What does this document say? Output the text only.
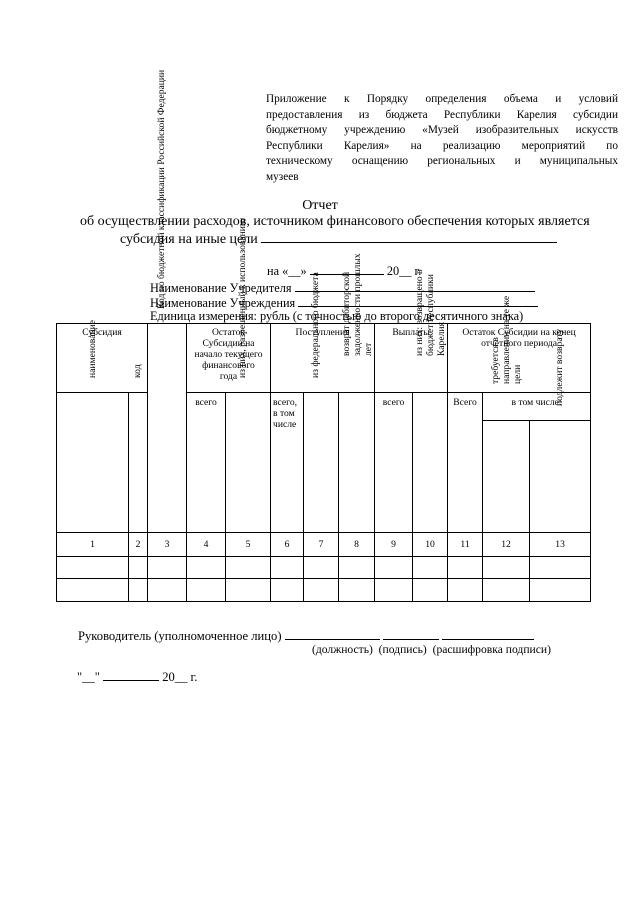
Приложение к Порядку определения объема и условий
предоставления из бюджета Республики Карелия субсидии
бюджетному учреждению «Музей изобразительных искусств
Республики Карелия» на реализацию мероприятий по
техническому оснащению региональных и муниципальных
музеев
Отчет
об осуществлении расходов, источником финансового обеспечения которых является
субсидия на иные цели
на «__»	20__ г.
Наименование Учредителя
Наименование Учреждения
Единица измерения: рубль (с точностью до второго десятичного знака)
Субсидия		Код по бюджетной классификации Российской Федерации	Остаток Субсидии на начало текущего финансового года		Поступления			Выплаты		Остаток Субсидии на конец отчетного периода		

наименование	код		всего	из них, разрешенный к использованию	всего, в том числе	из федерального бюджета	возврат дебиторской задолженности прошлых лет	всего	из них: возвращено в бюджет Республики Карелия	Всего	в том числе:	

											требуется в направлении на те же цели	подлежит возврату

1	2	3	4	5	6	7	8	9	10	11	12	13

Руководитель (уполномоченное лицо)
(должность) (подпись) (расшифровка подписи)
"__"	20__ г.
